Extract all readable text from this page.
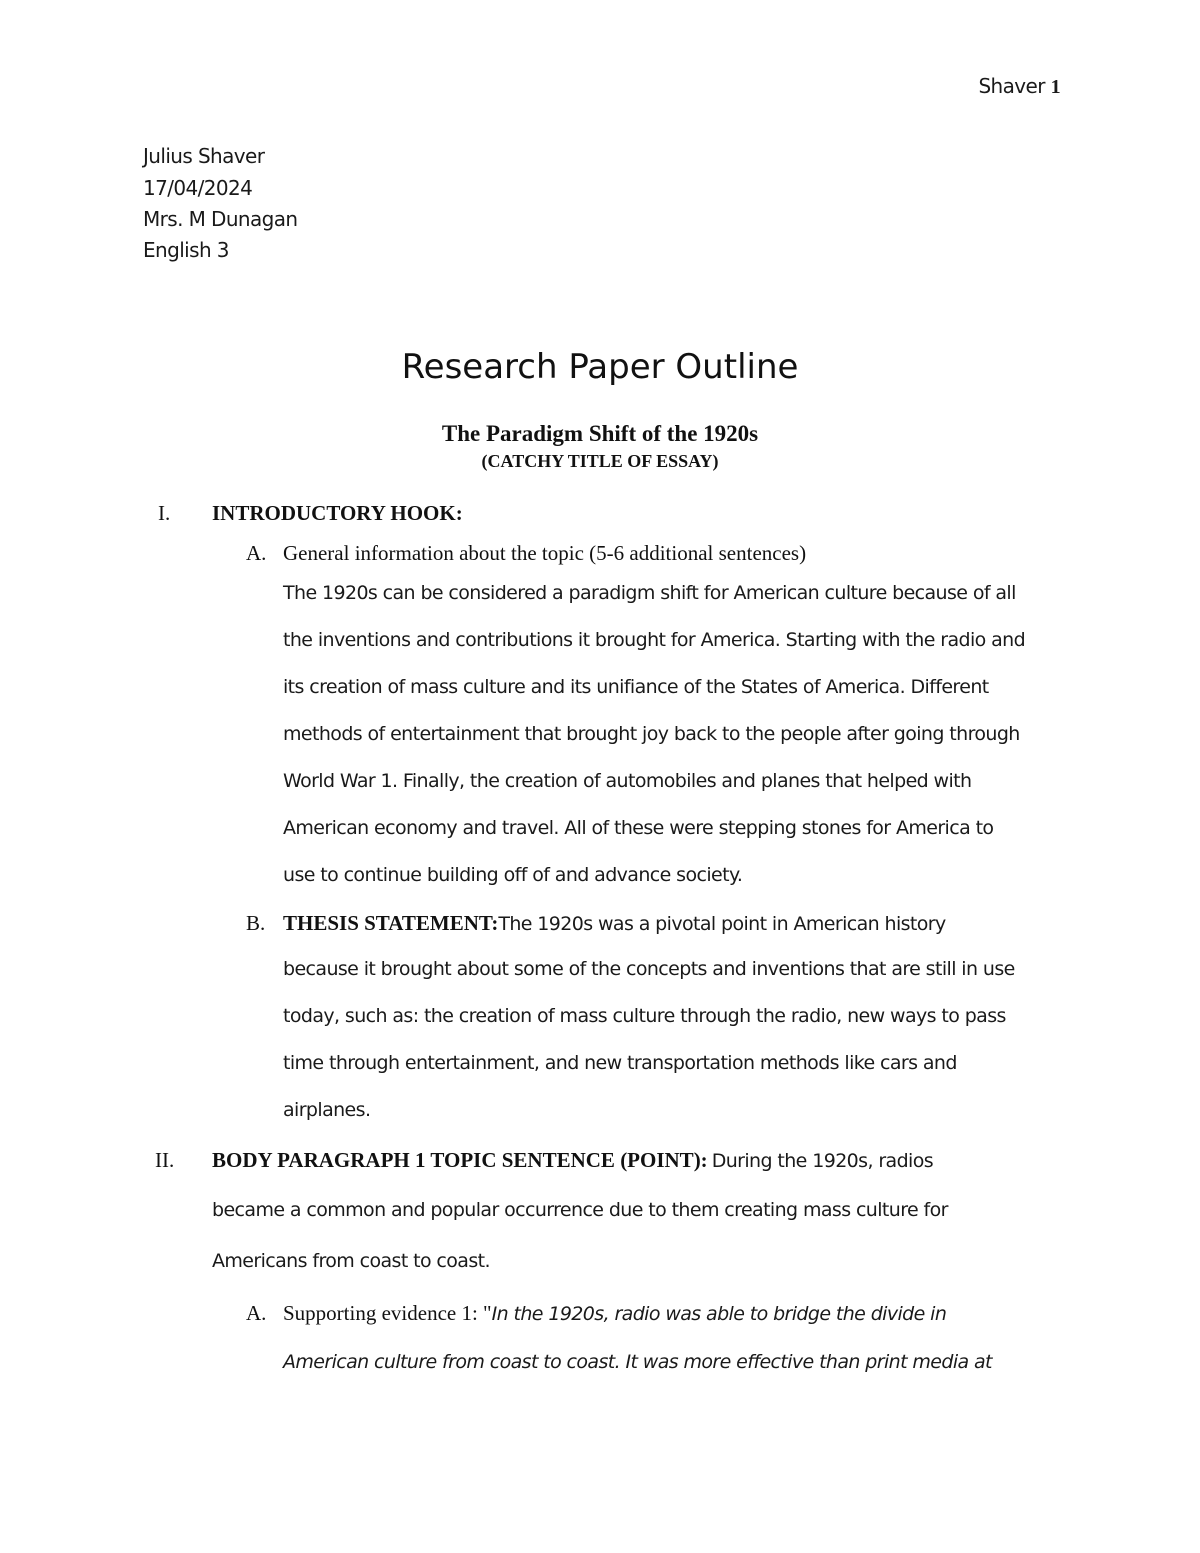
Shaver 1
Julius Shaver
17/04/2024
Mrs. M Dunagan
English 3
Research Paper Outline
The Paradigm Shift of the 1920s
(CATCHY TITLE OF ESSAY)
I. INTRODUCTORY HOOK:
A. General information about the topic (5-6 additional sentences)
The 1920s can be considered a paradigm shift for American culture because of all
the inventions and contributions it brought for America. Starting with the radio and
its creation of mass culture and its unifiance of the States of America. Different
methods of entertainment that brought joy back to the people after going through
World War 1. Finally, the creation of automobiles and planes that helped with
American economy and travel. All of these were stepping stones for America to
use to continue building off of and advance society.
B. THESIS STATEMENT:The 1920s was a pivotal point in American history
because it brought about some of the concepts and inventions that are still in use
today, such as: the creation of mass culture through the radio, new ways to pass
time through entertainment, and new transportation methods like cars and
airplanes.
II. BODY PARAGRAPH 1 TOPIC SENTENCE (POINT): During the 1920s, radios
became a common and popular occurrence due to them creating mass culture for
Americans from coast to coast.
A. Supporting evidence 1: "In the 1920s, radio was able to bridge the divide in
American culture from coast to coast. It was more effective than print media at
